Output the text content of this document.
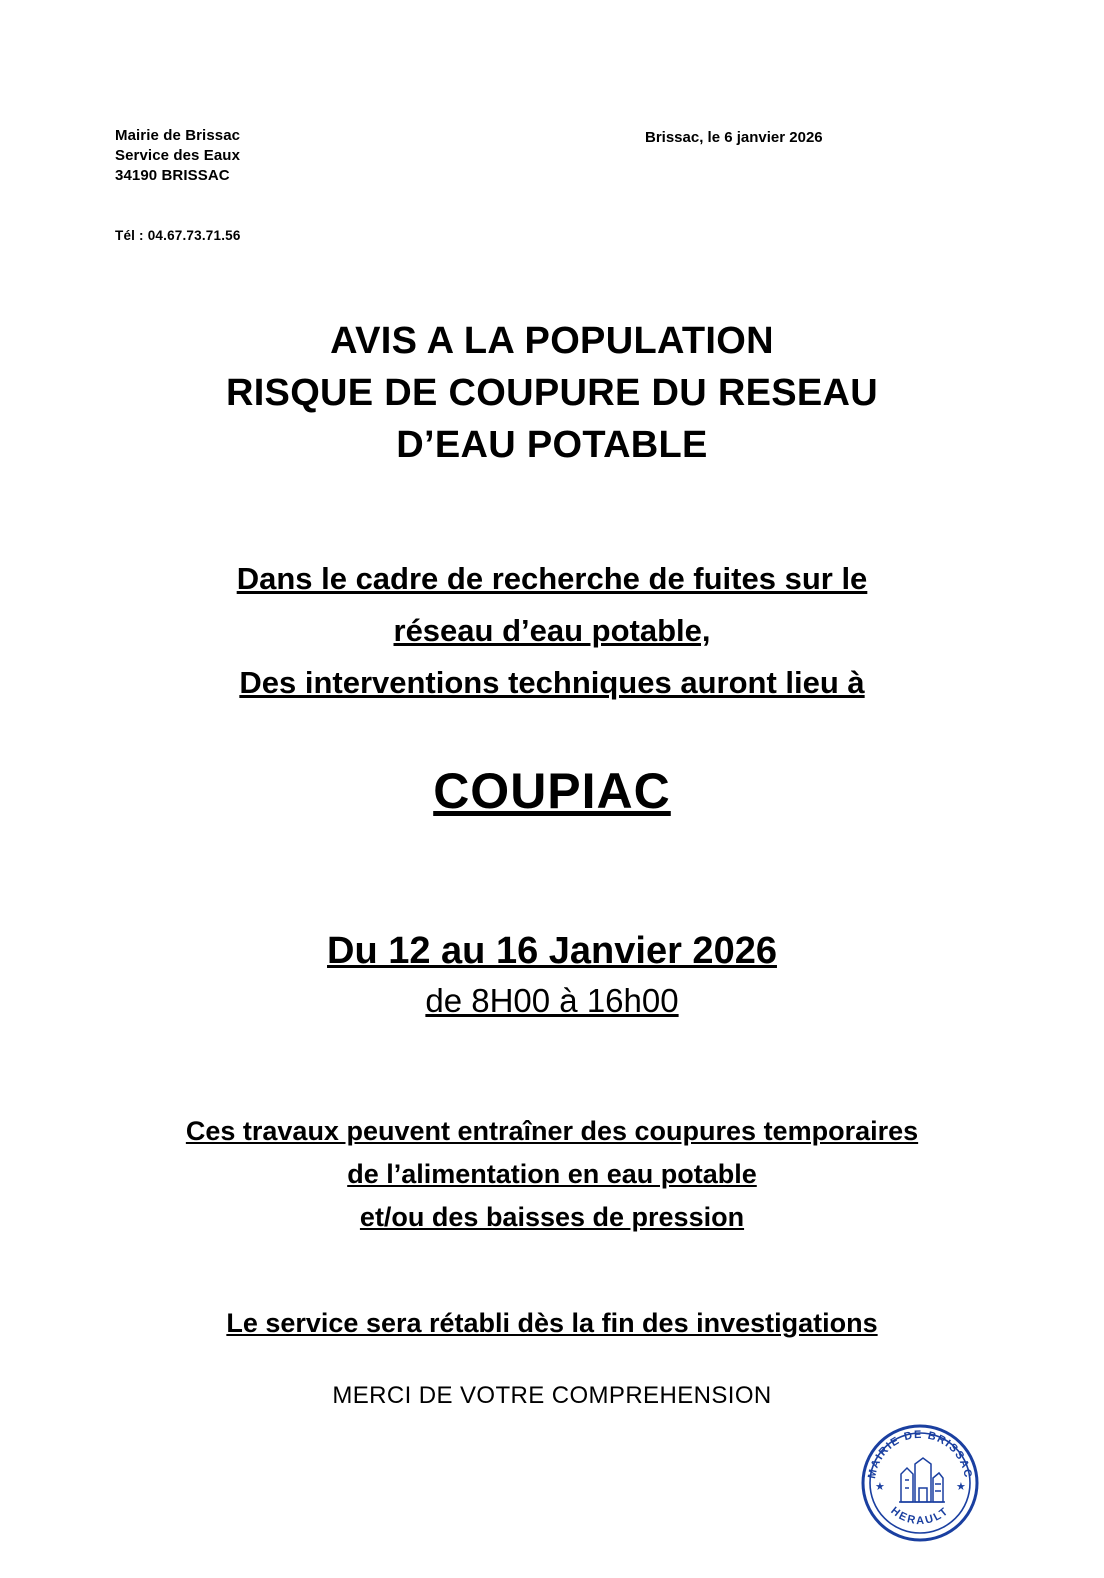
Mairie de Brissac
Service des Eaux
34190 BRISSAC
Brissac, le 6 janvier 2026
Tél : 04.67.73.71.56
AVIS A LA POPULATION
RISQUE DE COUPURE DU RESEAU
D’EAU POTABLE
Dans le cadre de recherche de fuites sur le
réseau d’eau potable,
Des interventions techniques auront lieu à
COUPIAC
Du 12 au 16 Janvier 2026
de 8H00 à 16h00
Ces travaux peuvent entraîner des coupures temporaires
de l’alimentation en eau potable
et/ou des baisses de pression
Le service sera rétabli dès la fin des investigations
MERCI DE VOTRE COMPREHENSION
MAIRIE DE BRISSAC
HERAULT
★	★
